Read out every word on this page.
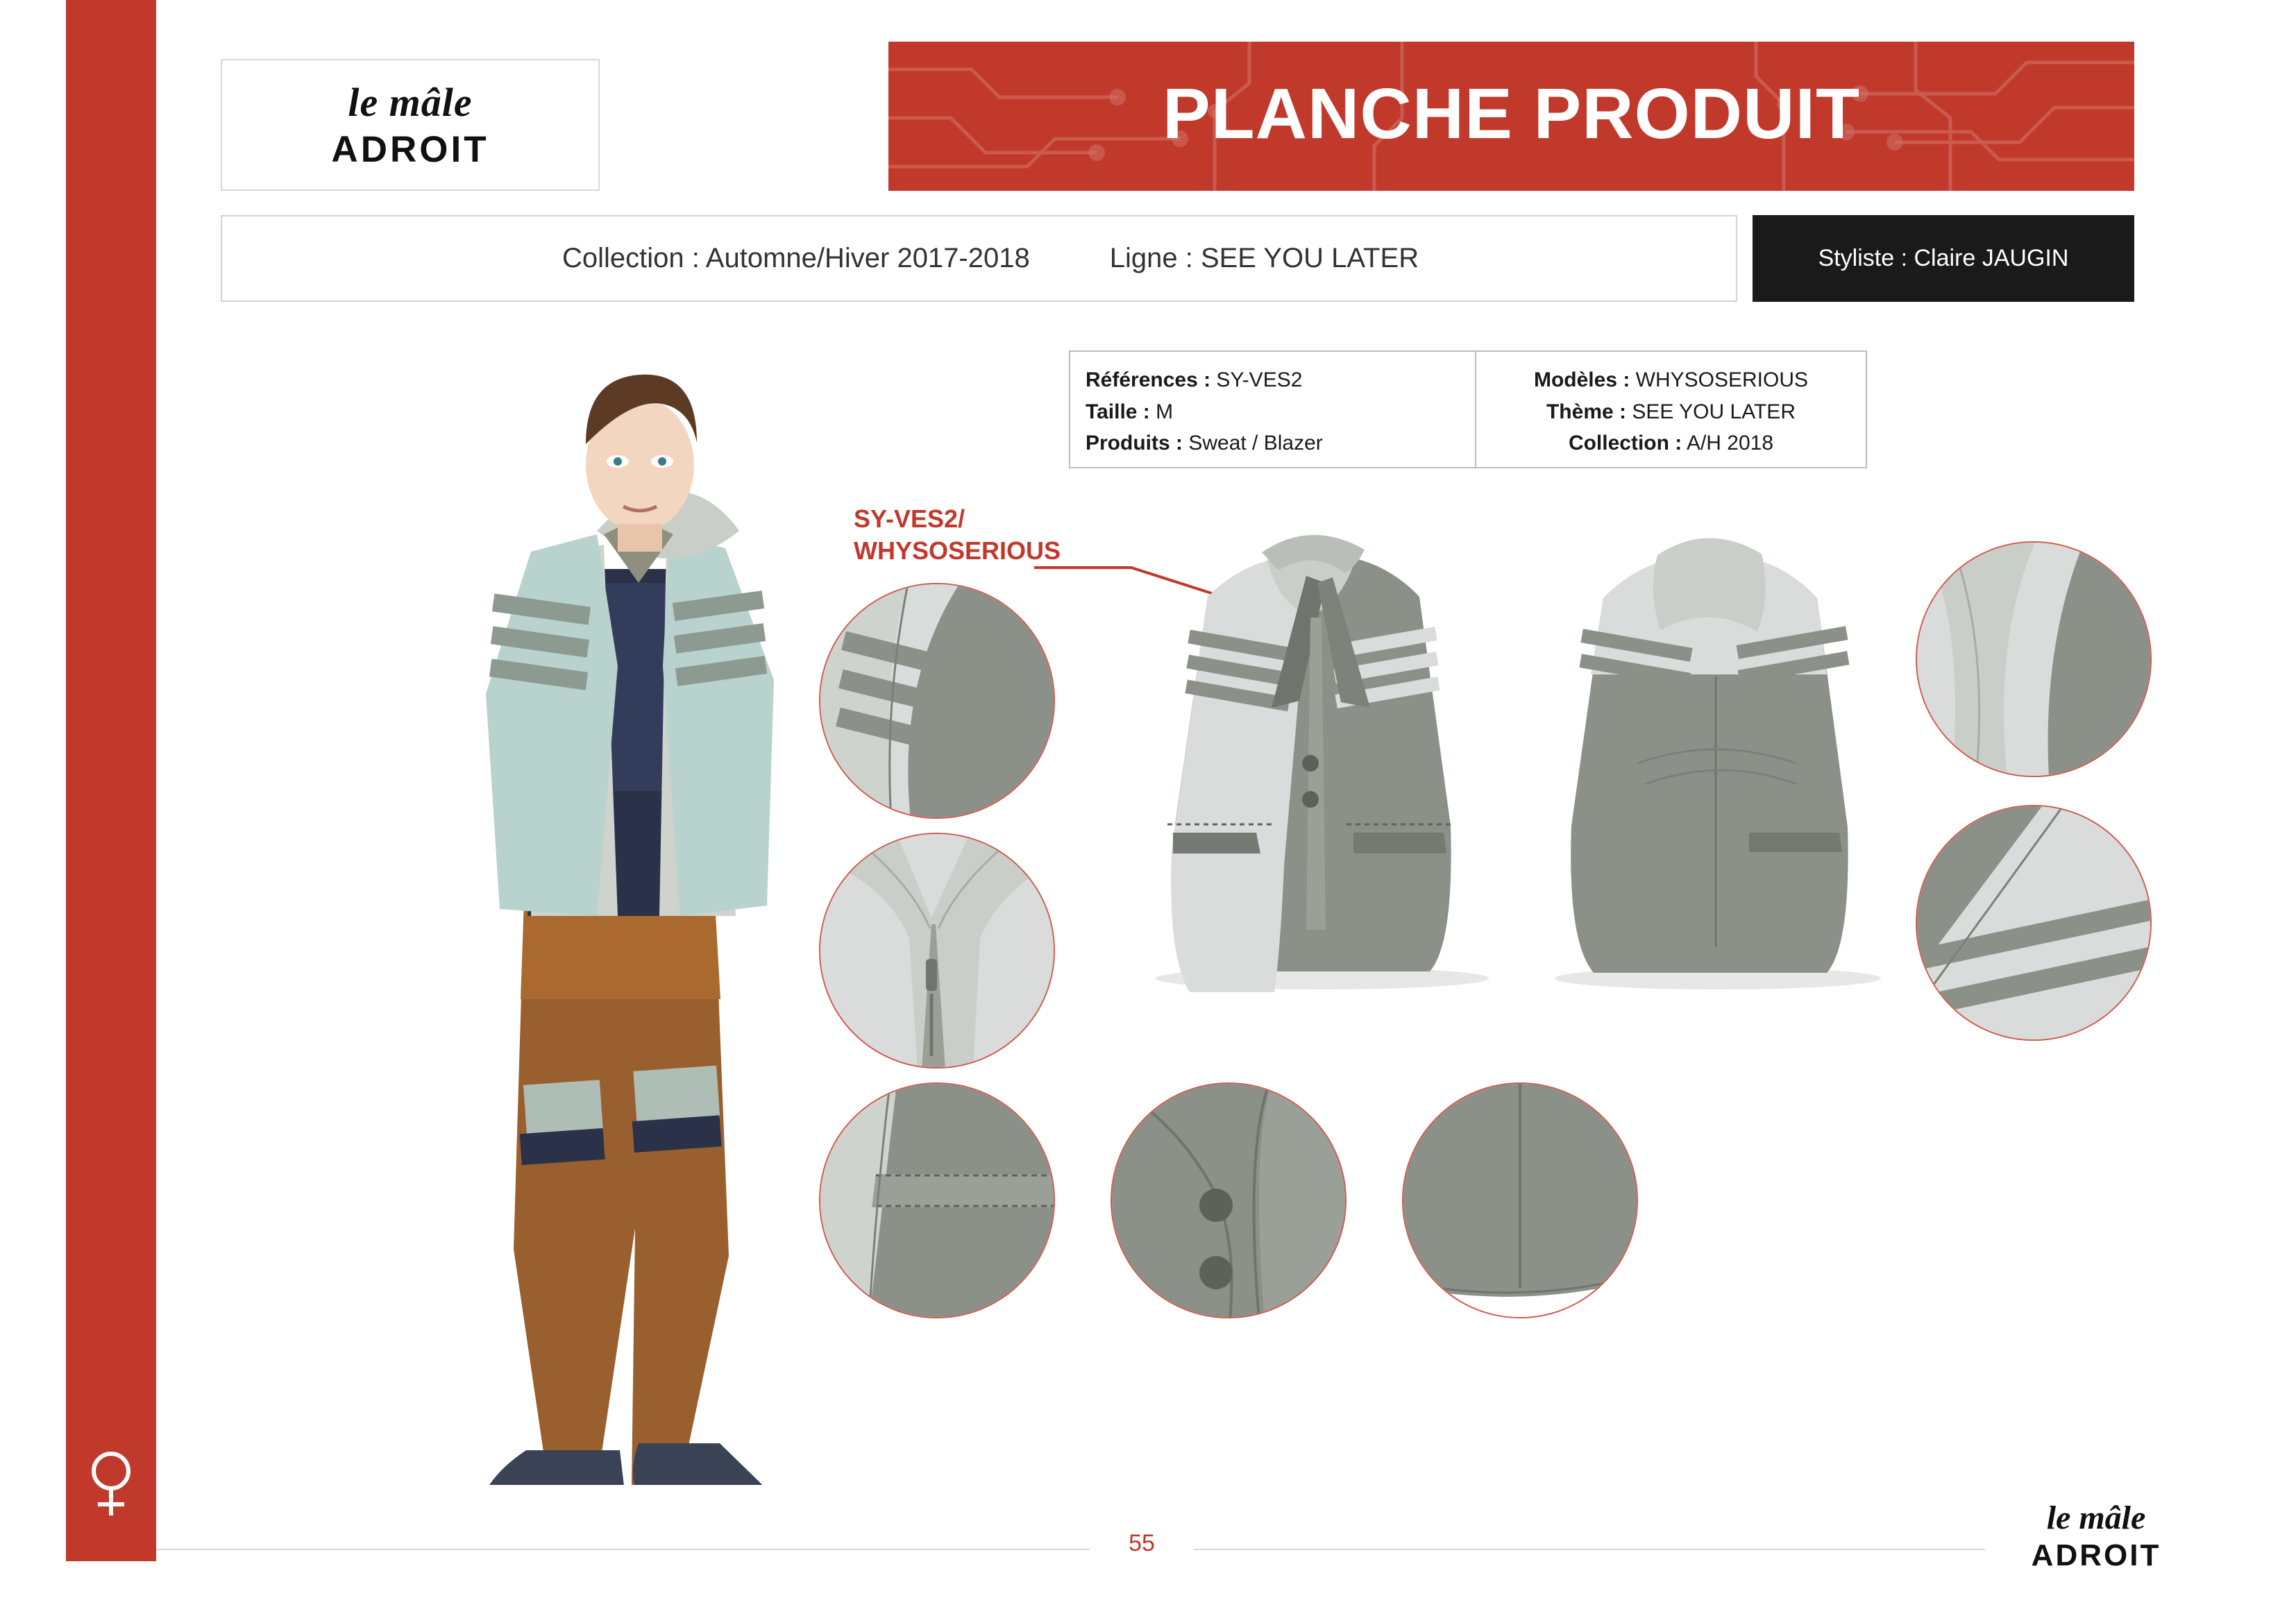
PLANCHE PRODUIT
le mâle
ADROIT
Collection : Automne/Hiver 2017-2018	Ligne : SEE YOU LATER	Styliste : Claire JAUGIN
Références : SY-VES2
Taille : M
Produits : Sweat / Blazer
Modèles : WHYSOSERIOUS
Thème : SEE YOU LATER
Collection : A/H 2018
SY-VES2/
WHYSOSERIOUS
55
le mâle
ADROIT
